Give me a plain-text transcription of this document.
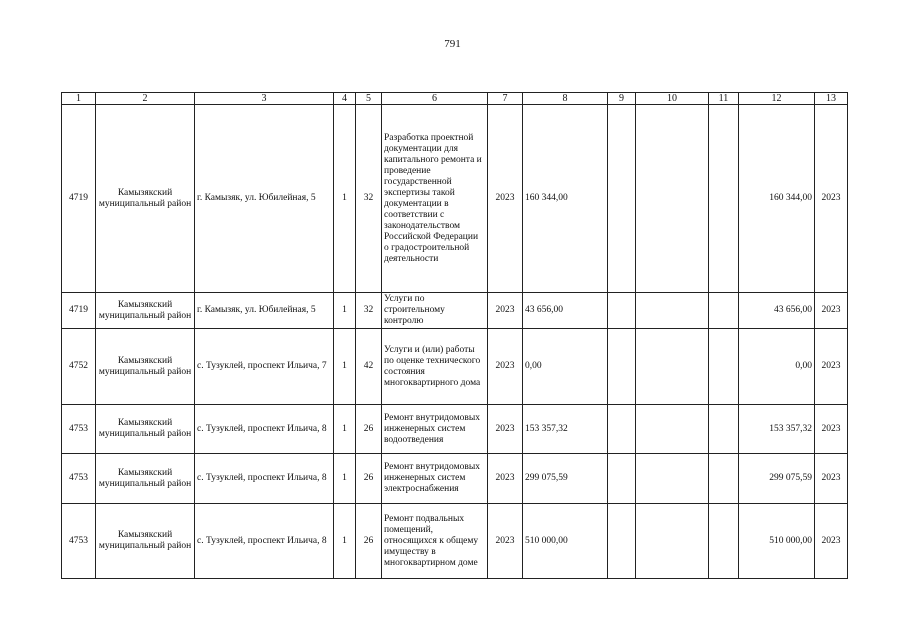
791
1	2	3	4	5	6	7	8	9	10	11	12	13
4719	Камызякский муниципальный район	г. Камызяк, ул. Юбилейная, 5	1	32	Разработка проектной документации для капитального ремонта и проведение государственной экспертизы такой документации в соответствии с законодательством Российской Федерации о градостроительной деятельности	2023	160 344,00				160 344,00	2023
4719	Камызякский муниципальный район	г. Камызяк, ул. Юбилейная, 5	1	32	Услуги по строительному контролю	2023	43 656,00				43 656,00	2023
4752	Камызякский муниципальный район	с. Тузуклей, проспект Ильича, 7	1	42	Услуги и (или) работы по оценке технического состояния многоквартирного дома	2023	0,00				0,00	2023
4753	Камызякский муниципальный район	с. Тузуклей, проспект Ильича, 8	1	26	Ремонт внутридомовых инженерных систем водоотведения	2023	153 357,32				153 357,32	2023
4753	Камызякский муниципальный район	с. Тузуклей, проспект Ильича, 8	1	26	Ремонт внутридомовых инженерных систем электроснабжения	2023	299 075,59				299 075,59	2023
4753	Камызякский муниципальный район	с. Тузуклей, проспект Ильича, 8	1	26	Ремонт подвальных помещений, относящихся к общему имуществу в многоквартирном доме	2023	510 000,00				510 000,00	2023
